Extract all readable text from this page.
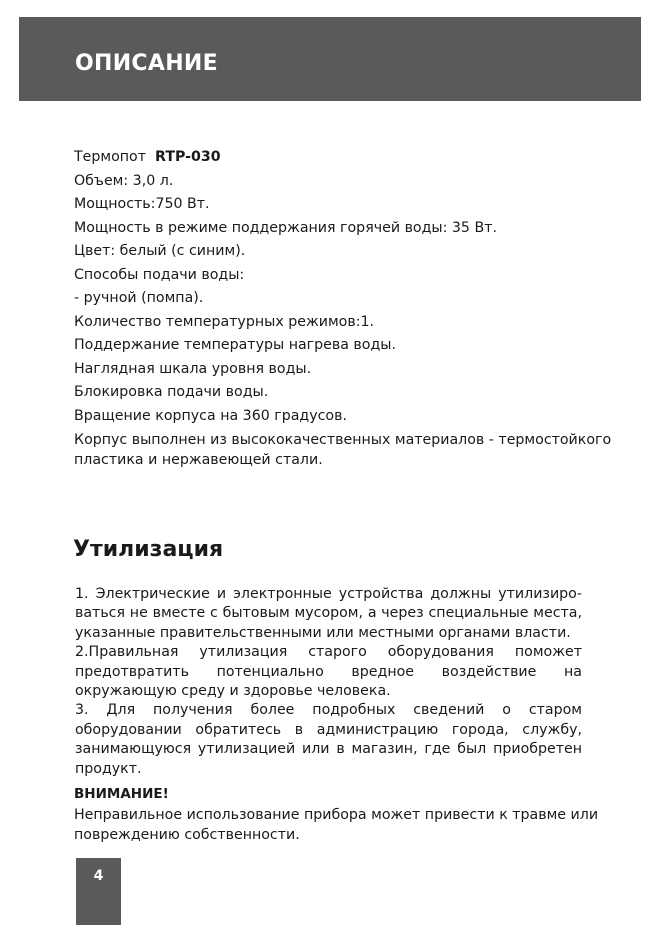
ОПИСАНИЕ

Термопот RTP-030

Объем: 3,0 л.

Мощность:750 Вт.

Мощность в режиме поддержания горячей воды: 35 Вт.

Цвет: белый (с синим).

Способы подачи воды:

- ручной (помпа).

Количество температурных режимов:1.

Поддержание температуры нагрева воды.

Наглядная шкала уровня воды.

Блокировка подачи воды.

Вращение корпуса на 360 градусов.

Корпус выполнен из высококачественных материалов - термостойкого пластика и нержавеющей стали.

Утилизация

1. Электрические и электронные устройства должны утилизироваться не вместе с бытовым мусором, а через специальные места, указанные правительственными или местными органами власти.

2.Правильная утилизация старого оборудования поможет предотвратить потенциально вредное воздействие на окружающую среду и здоровье человека.

3. Для получения более подробных сведений о старом оборудовании обратитесь в администрацию города, службу, занимающуюся утилизацией или в магазин, где был приобретен продукт.

ВНИМАНИЕ!

Неправильное использование прибора может привести к травме или повреждению собственности.

4
